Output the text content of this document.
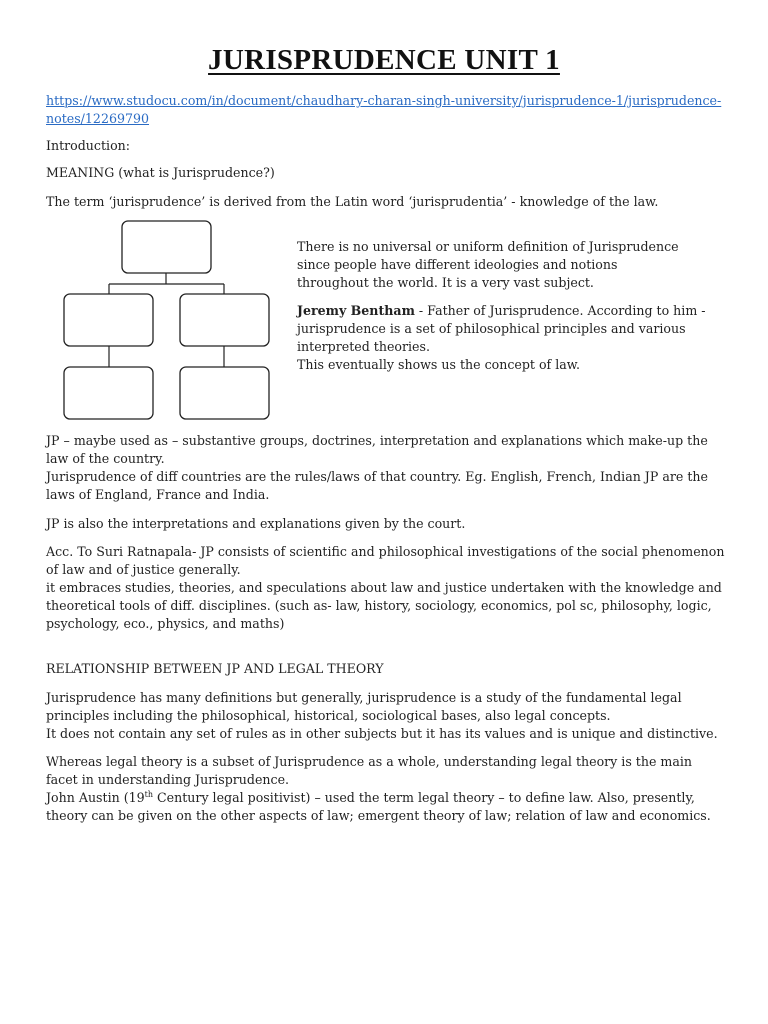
JURISPRUDENCE UNIT 1
https://www.studocu.com/in/document/chaudhary-charan-singh-university/jurisprudence-1/jurisprudence-notes/12269790
Introduction:
MEANING (what is Jurisprudence?)
The term ‘jurisprudence’ is derived from the Latin word ‘jurisprudentia’ - knowledge of the law.
There is no universal or uniform definition of Jurisprudence since people have different ideologies and notions throughout the world. It is a very vast subject.
Jeremy Bentham - Father of Jurisprudence. According to him - jurisprudence is a set of philosophical principles and various interpreted theories.
This eventually shows us the concept of law.
JP – maybe used as – substantive groups, doctrines, interpretation and explanations which make-up the law of the country.
Jurisprudence of diff countries are the rules/laws of that country. Eg. English, French, Indian JP are the laws of England, France and India.
JP is also the interpretations and explanations given by the court.
Acc. To Suri Ratnapala- JP consists of scientific and philosophical investigations of the social phenomenon of law and of justice generally.
it embraces studies, theories, and speculations about law and justice undertaken with the knowledge and theoretical tools of diff. disciplines. (such as- law, history, sociology, economics, pol sc, philosophy, logic, psychology, eco., physics, and maths)
RELATIONSHIP BETWEEN JP AND LEGAL THEORY
Jurisprudence has many definitions but generally, jurisprudence is a study of the fundamental legal principles including the philosophical, historical, sociological bases, also legal concepts.
It does not contain any set of rules as in other subjects but it has its values and is unique and distinctive.
Whereas legal theory is a subset of Jurisprudence as a whole, understanding legal theory is the main facet in understanding Jurisprudence.
John Austin (19th Century legal positivist) – used the term legal theory – to define law. Also, presently, theory can be given on the other aspects of law; emergent theory of law; relation of law and economics.
